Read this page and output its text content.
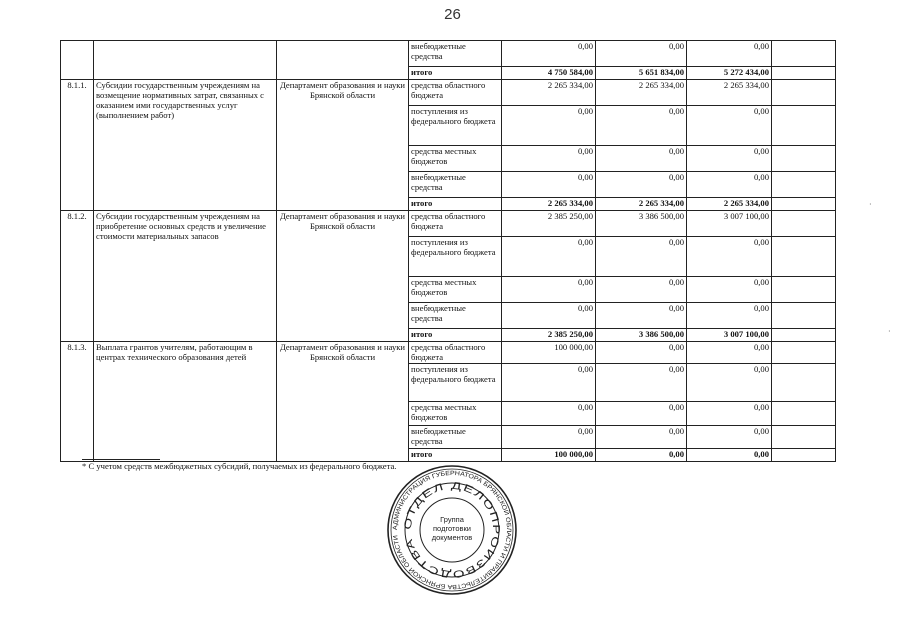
26
			внебюджетные средства	0,00	0,00	0,00	
			итого	4 750 584,00	5 651 834,00	5 272 434,00	
8.1.1.	Субсидии государственным учреждениям на возмещение нормативных затрат, связанных с оказанием ими государственных услуг (выполнением работ)	Департамент образования и науки Брянской области	средства областного бюджета	2 265 334,00	2 265 334,00	2 265 334,00	
			поступления из федерального бюджета	0,00	0,00	0,00	
			средства местных бюджетов	0,00	0,00	0,00	
			внебюджетные средства	0,00	0,00	0,00	
			итого	2 265 334,00	2 265 334,00	2 265 334,00	
8.1.2.	Субсидии государственным учреждениям на приобретение основных средств и увеличение стоимости материальных запасов	Департамент образования и науки Брянской области	средства областного бюджета	2 385 250,00	3 386 500,00	3 007 100,00	
			поступления из федерального бюджета	0,00	0,00	0,00	
			средства местных бюджетов	0,00	0,00	0,00	
			внебюджетные средства	0,00	0,00	0,00	
			итого	2 385 250,00	3 386 500,00	3 007 100,00	
8.1.3.	Выплата грантов учителям, работающим в центрах технического образования детей	Департамент образования и науки Брянской области	средства областного бюджета	100 000,00	0,00	0,00	
			поступления из федерального бюджета	0,00	0,00	0,00	
			средства местных бюджетов	0,00	0,00	0,00	
			внебюджетные средства	0,00	0,00	0,00	
			итого	100 000,00	0,00	0,00	
* С учетом средств межбюджетных субсидий, получаемых из федерального бюджета.
АДМИНИСТРАЦИЯ ГУБЕРНАТОРА БРЯНСКОЙ ОБЛАСТИ И ПРАВИТЕЛЬСТВА БРЯНСКОЙ ОБЛАСТИ
ОТДЕЛ ДЕЛОПРОИЗВОДСТВА
Группа подготовки документов
·
·
